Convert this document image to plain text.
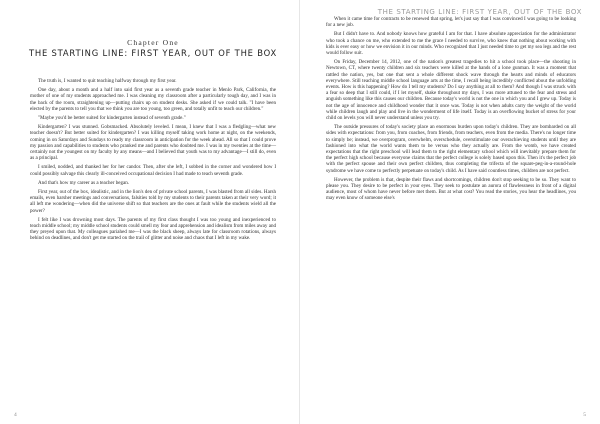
Chapter One
THE STARTING LINE: FIRST YEAR, OUT OF THE BOX

The truth is, I wanted to quit teaching halfway through my first year.

One day, about a month and a half into said first year as a seventh grade teacher in Menlo Park, California, the mother of one of my students approached me. I was cleaning my classroom after a particularly tough day, and I was in the back of the room, straightening up—putting chairs up on student desks. She asked if we could talk. "I have been elected by the parents to tell you that we think you are too young, too green, and totally unfit to teach our children."

"Maybe you'd be better suited for kindergarten instead of seventh grade."

Kindergarten? I was stunned. Gobsmacked. Absolutely leveled. I mean, I knew that I was a fledgling—what new teacher doesn't? But better suited for kindergarten? I was killing myself taking work home at night, on the weekends, coming in on Saturdays and Sundays to ready my classroom in anticipation for the week ahead. All so that I could prove my passion and capabilities to students who pranked me and parents who doubted me. I was in my twenties at the time—certainly not the youngest on my faculty by any means—and I believed that youth was to my advantage—I still do, even as a principal.

I smiled, nodded, and thanked her for her candor. Then, after she left, I sobbed in the corner and wondered how I could possibly salvage this clearly ill-conceived occupational decision I had made to teach seventh grade.

And that's how my career as a teacher began.

First year, out of the box, idealistic, and in the lion's den of private school parents, I was blasted from all sides. Harsh emails, even harsher meetings and conversations, falsities told by my students to their parents taken at their very word; it all left me wondering—when did the universe shift so that teachers are the ones at fault while the students wield all the power?

I felt like I was drowning most days. The parents of my first class thought I was too young and inexperienced to teach middle school; my middle school students could smell my fear and apprehension and idealism from miles away and they preyed upon that. My colleagues pariahed me—I was the black sheep, always late for classroom rotations, always behind on deadlines, and don't get me started on the trail of glitter and noise and chaos that I left in my wake.

4
THE STARTING LINE: FIRST YEAR, OUT OF THE BOX

When it came time for contracts to be renewed that spring, let's just say that I was convinced I was going to be looking for a new job.

But I didn't have to. And nobody knows how grateful I am for that. I have absolute appreciation for the administrator who took a chance on me, who extended to me the grace I needed to survive, who knew that nothing about working with kids is ever easy or how we envision it in our minds. Who recognized that I just needed time to get my sea legs and the rest would follow suit.

On Friday, December 14, 2012, one of the nation's greatest tragedies to hit a school took place—the shooting in Newtown, CT, where twenty children and six teachers were killed at the hands of a lone gunman. It was a moment that rattled the nation, yes, but one that sent a whole different shock wave through the hearts and minds of educators everywhere. Still teaching middle school language arts at the time, I recall being incredibly conflicted about the unfolding events. How is this happening? How do I tell my students? Do I say anything at all to them? And though I was struck with a fear so deep that I still could, if I let myself, shake throughout my days, I was more attuned to the fear and stress and anguish something like this causes our children. Because today's world is not the one in which you and I grew up. Today is not the age of innocence and childhood wonder that it once was. Today is not when adults carry the weight of the world while children laugh and play and live in the wonderment of life itself. Today is an overflowing bucket of stress for your child on levels you will never understand unless you try.

The outside pressures of today's society place an enormous burden upon today's children. They are bombarded on all sides with expectations: from you, from coaches, from friends, from teachers, even from the media. There's no longer time to simply be; instead, we overprogram, overwhelm, overschedule, overstimulate our overachieving students until they are fashioned into what the world wants them to be versus who they actually are. From the womb, we have created expectations that the right preschool will lead them to the right elementary school which will inevitably prepare them for the perfect high school because everyone claims that the perfect college is solely based upon this. Then it's the perfect job with the perfect spouse and their own perfect children, thus completing the trifecta of the square-peg-in-a-round-hole syndrome we have come to perfectly perpetuate on today's child. As I have said countless times, children are not perfect.

However, the problem is that, despite their flaws and shortcomings, children don't stop seeking to be so. They want to please you. They desire to be perfect in your eyes. They seek to postulate an aurora of flawlessness in front of a digital audience, most of whom have never before met them. But at what cost? You read the stories, you hear the headlines, you may even know of someone else's

5
